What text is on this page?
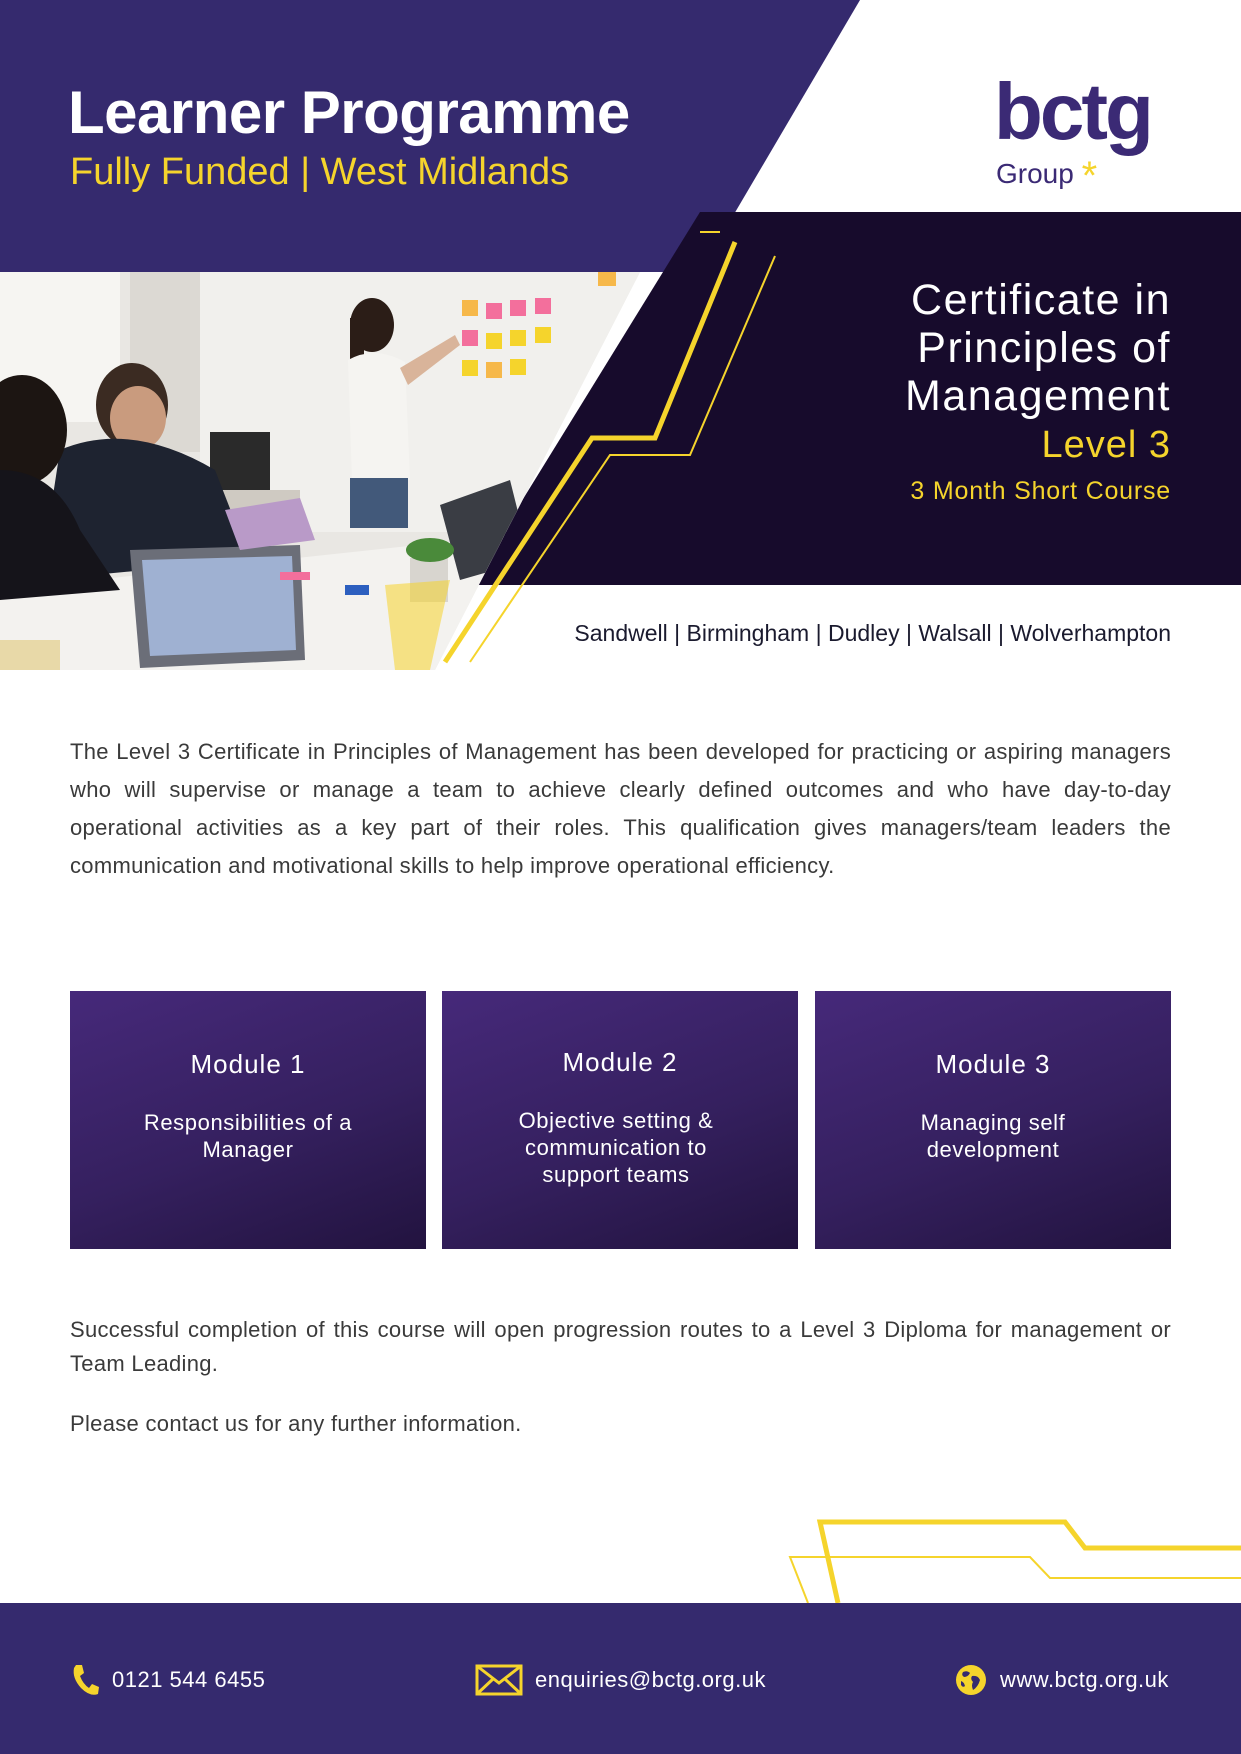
Learner Programme
Fully Funded | West Midlands
bctg
Group *
Certificate in
Principles of
Management
Level 3
3 Month Short Course
Sandwell | Birmingham | Dudley | Walsall | Wolverhampton
The Level 3 Certificate in Principles of Management has been developed for practicing or aspiring managers who will supervise or manage a team to achieve clearly defined outcomes and who have day-to-day operational activities as a key part of their roles. This qualification gives managers/team leaders the communication and motivational skills to help improve operational efficiency.
Module 1
Responsibilities of a Manager
Module 2
Objective setting & communication to support teams
Module 3
Managing self development
Successful completion of this course will open progression routes to a Level 3 Diploma for management or Team Leading.
Please contact us for any further information.
0121 544 6455	enquiries@bctg.org.uk	www.bctg.org.uk
